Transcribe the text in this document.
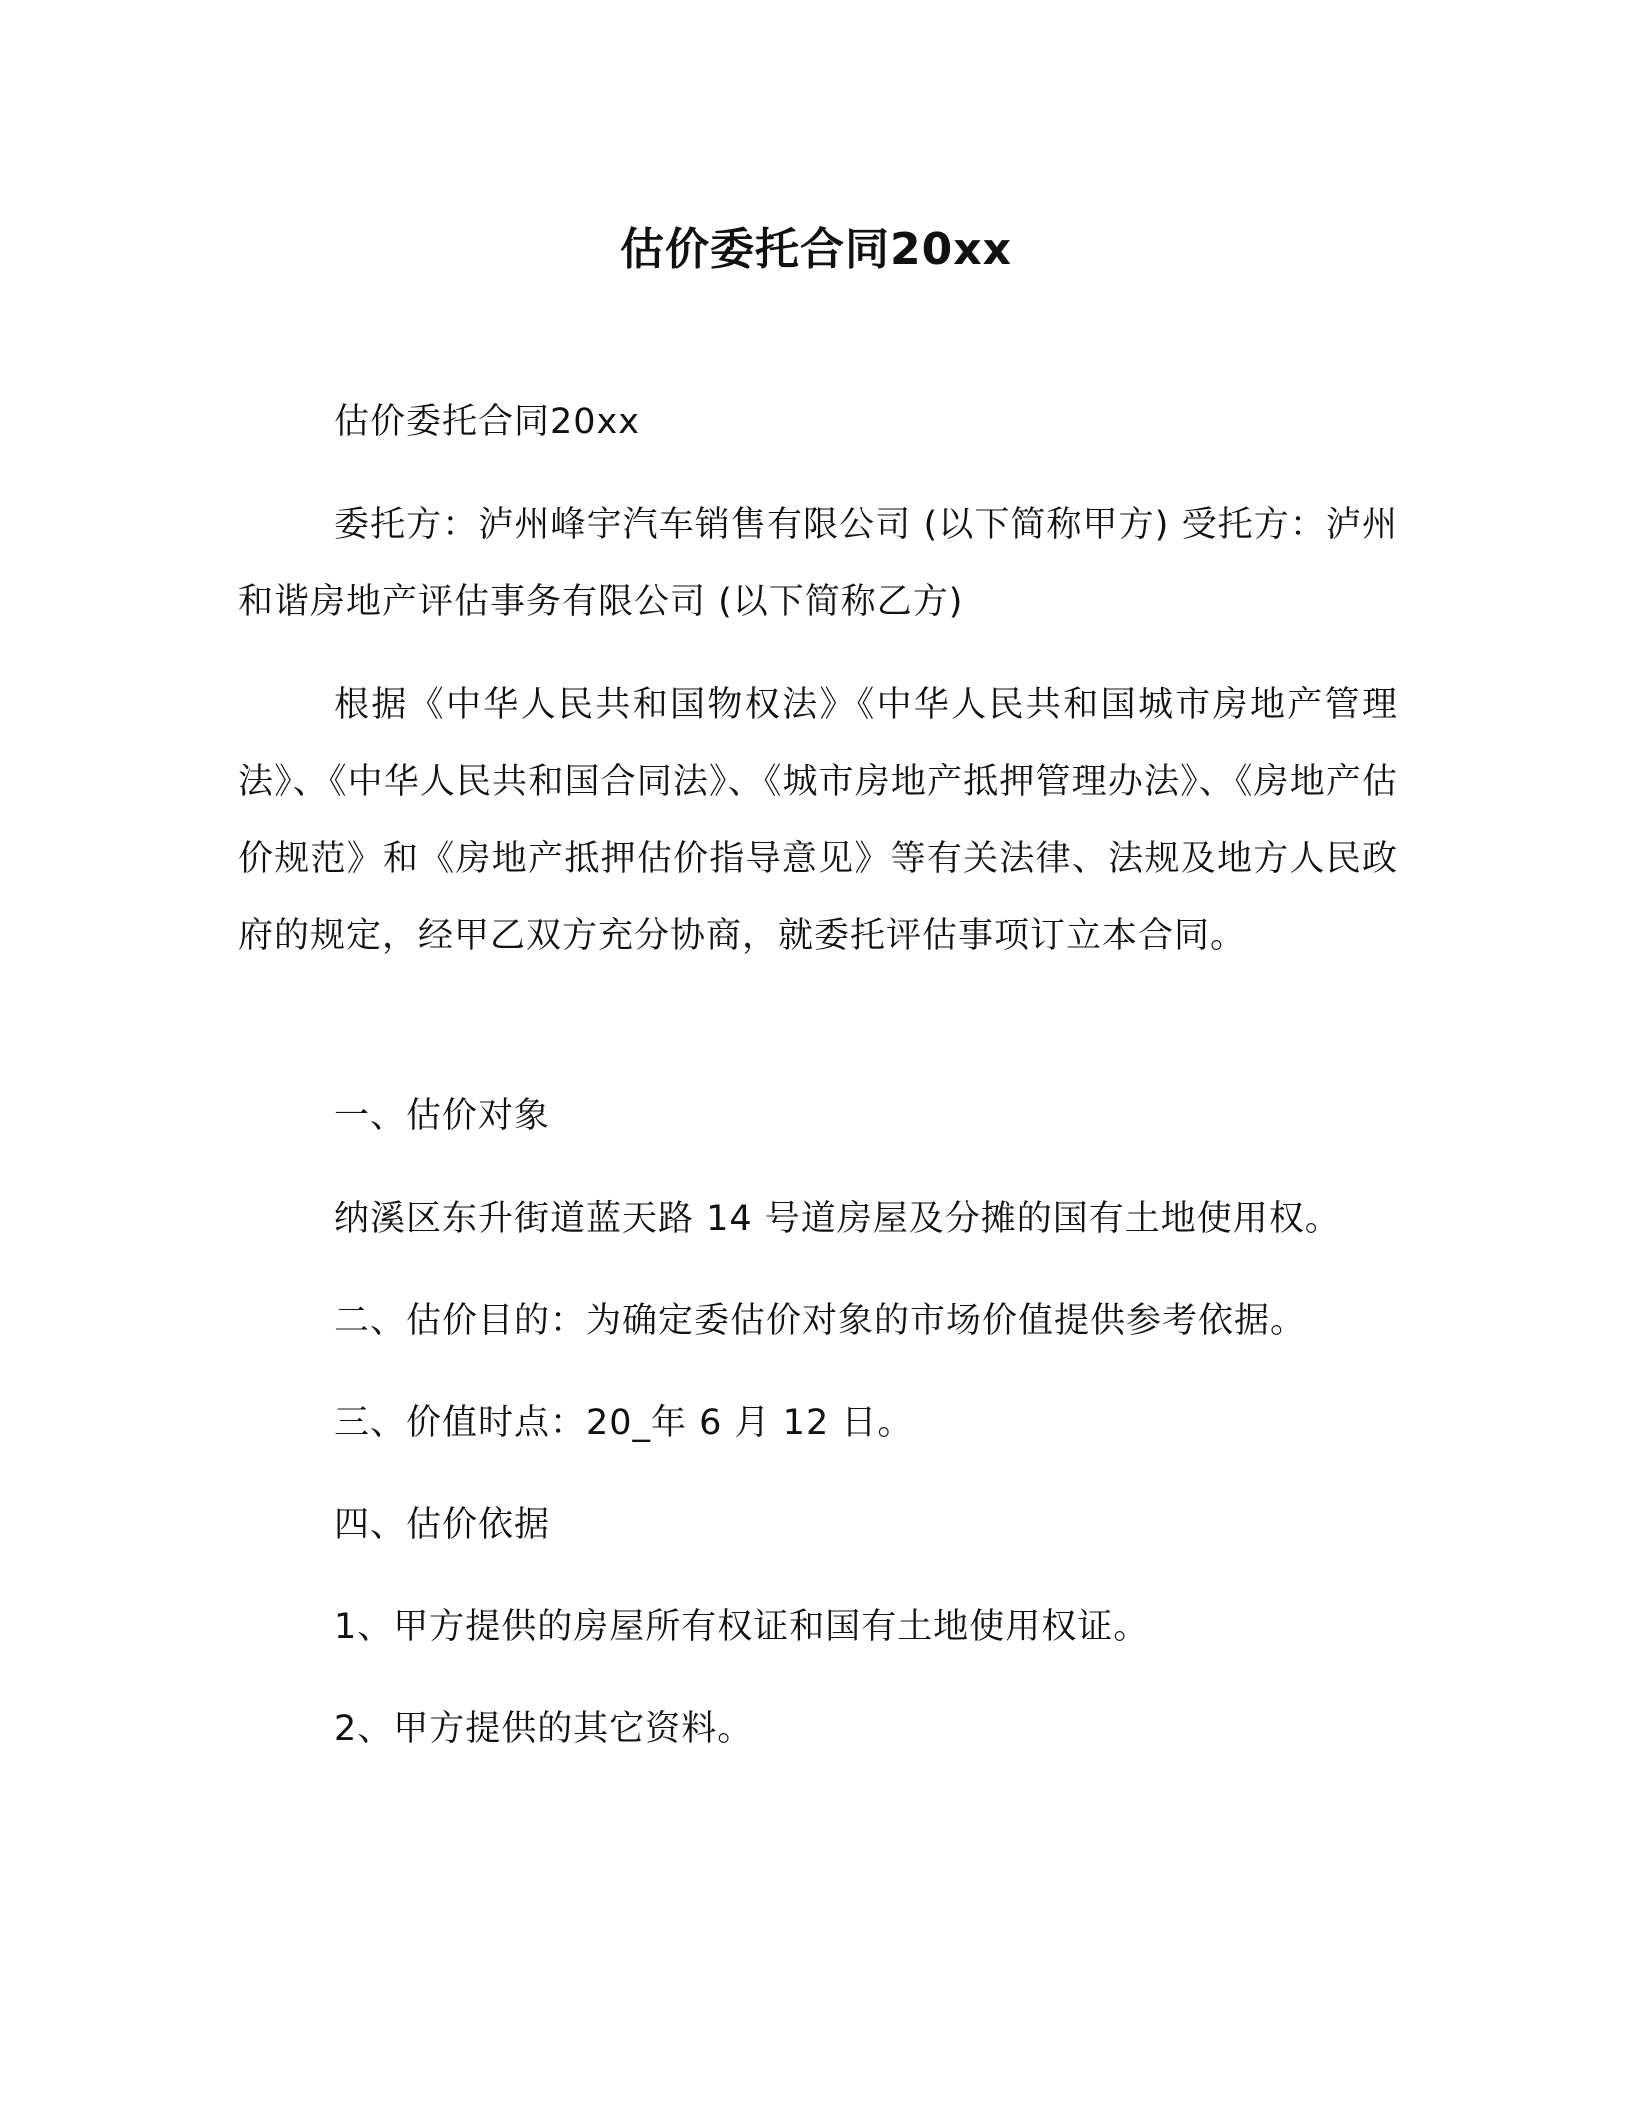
估价委托合同20xx
估价委托合同20xx

委托方：泸州峰宇汽车销售有限公司 (以下简称甲方) 受托方：泸州和谐房地产评估事务有限公司 (以下简称乙方)

根据《中华人民共和国物权法》《中华人民共和国城市房地产管理法》、《中华人民共和国合同法》、《城市房地产抵押管理办法》、《房地产估价规范》和《房地产抵押估价指导意见》等有关法律、法规及地方人民政府的规定，经甲乙双方充分协商，就委托评估事项订立本合同。

一、估价对象
纳溪区东升街道蓝天路 14 号道房屋及分摊的国有土地使用权。
二、估价目的：为确定委估价对象的市场价值提供参考依据。
三、价值时点：20_年 6 月 12 日。
四、估价依据
1、甲方提供的房屋所有权证和国有土地使用权证。
2、甲方提供的其它资料。
